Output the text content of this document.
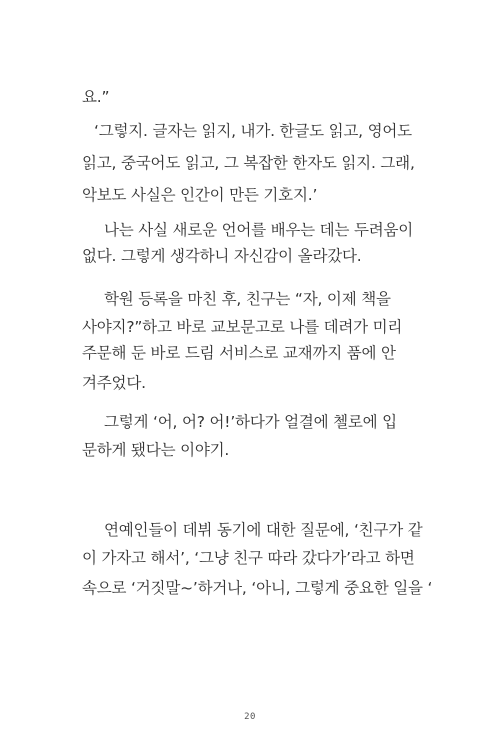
요.”
‘그렇지. 글자는 읽지, 내가. 한글도 읽고, 영어도
읽고, 중국어도 읽고, 그 복잡한 한자도 읽지. 그래,
악보도 사실은 인간이 만든 기호지.’
나는 사실 새로운 언어를 배우는 데는 두려움이
없다. 그렇게 생각하니 자신감이 올라갔다.
학원 등록을 마친 후, 친구는 “자, 이제 책을
사야지?”하고 바로 교보문고로 나를 데려가 미리
주문해 둔 바로 드림 서비스로 교재까지 품에 안
겨주었다.
그렇게 ‘어, 어? 어!’하다가 얼결에 첼로에 입
문하게 됐다는 이야기.
연예인들이 데뷔 동기에 대한 질문에, ‘친구가 같
이 가자고 해서’, ‘그냥 친구 따라 갔다가’라고 하면
속으로 ‘거짓말~’하거나, ‘아니, 그렇게 중요한 일을 ‘
20
